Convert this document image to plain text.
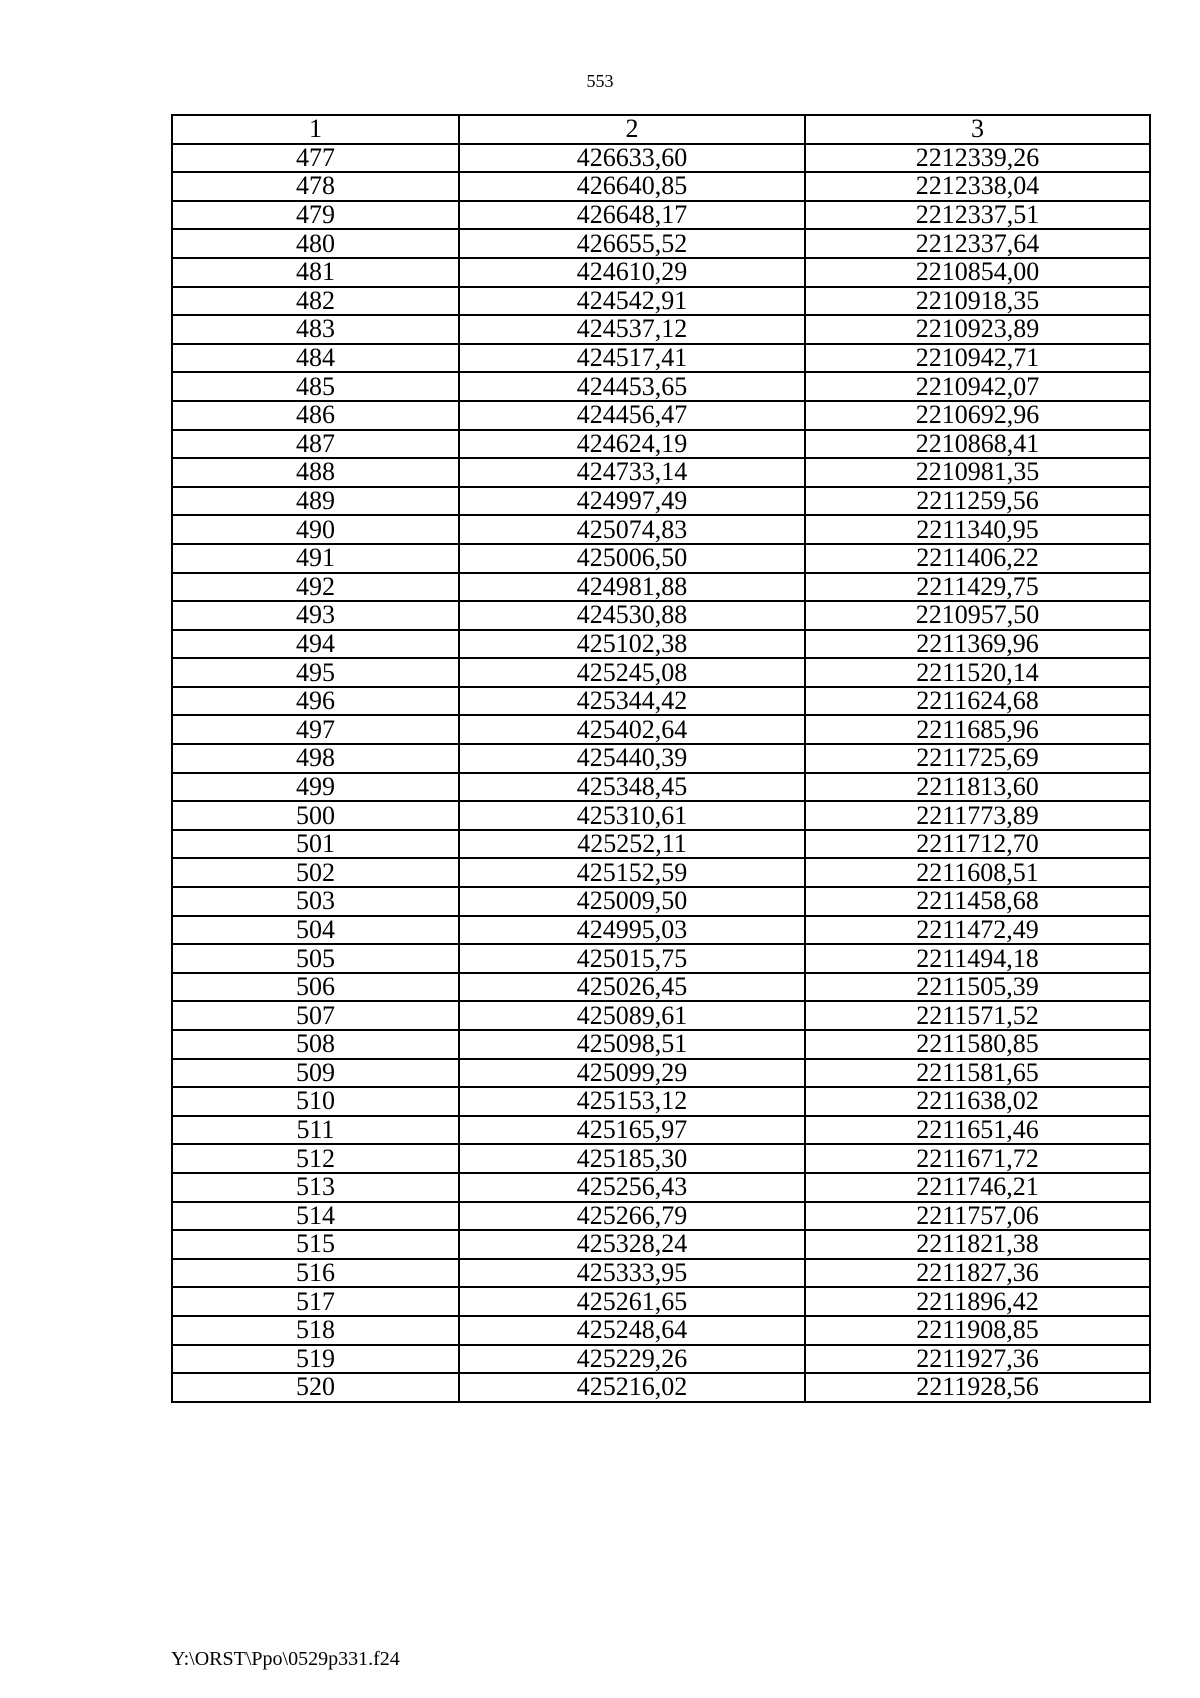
553
1	2	3
477	426633,60	2212339,26
478	426640,85	2212338,04
479	426648,17	2212337,51
480	426655,52	2212337,64
481	424610,29	2210854,00
482	424542,91	2210918,35
483	424537,12	2210923,89
484	424517,41	2210942,71
485	424453,65	2210942,07
486	424456,47	2210692,96
487	424624,19	2210868,41
488	424733,14	2210981,35
489	424997,49	2211259,56
490	425074,83	2211340,95
491	425006,50	2211406,22
492	424981,88	2211429,75
493	424530,88	2210957,50
494	425102,38	2211369,96
495	425245,08	2211520,14
496	425344,42	2211624,68
497	425402,64	2211685,96
498	425440,39	2211725,69
499	425348,45	2211813,60
500	425310,61	2211773,89
501	425252,11	2211712,70
502	425152,59	2211608,51
503	425009,50	2211458,68
504	424995,03	2211472,49
505	425015,75	2211494,18
506	425026,45	2211505,39
507	425089,61	2211571,52
508	425098,51	2211580,85
509	425099,29	2211581,65
510	425153,12	2211638,02
511	425165,97	2211651,46
512	425185,30	2211671,72
513	425256,43	2211746,21
514	425266,79	2211757,06
515	425328,24	2211821,38
516	425333,95	2211827,36
517	425261,65	2211896,42
518	425248,64	2211908,85
519	425229,26	2211927,36
520	425216,02	2211928,56
Y:\ORST\Ppo\0529p331.f24
